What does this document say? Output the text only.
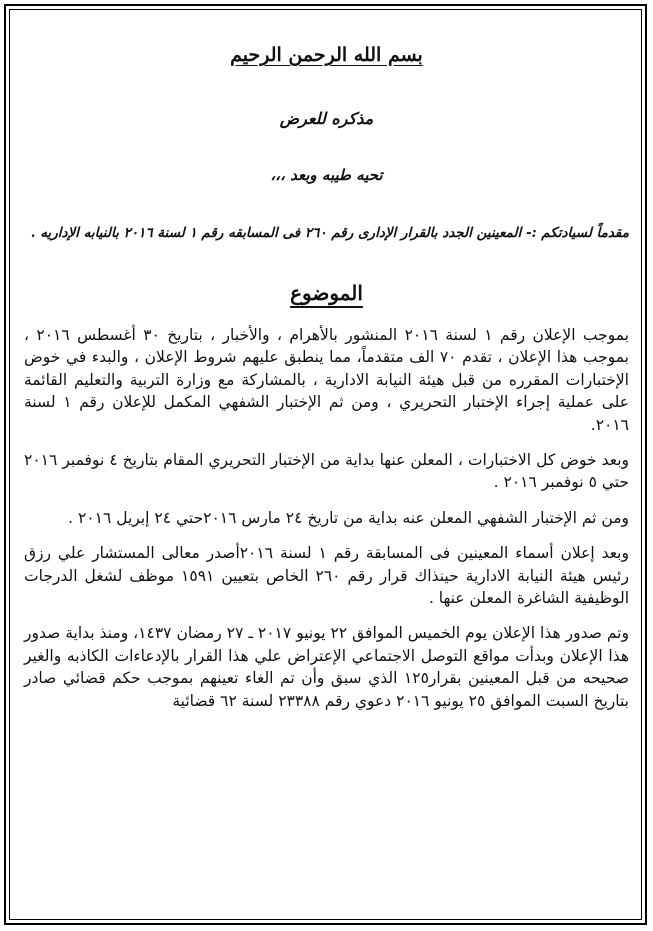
بسم الله الرحمن الرحيم
مذكره للعرض
تحيه طيبه وبعد ،،،
مقدماً لسيادتكم :- المعينين الجدد بالقرار الإدارى رقم ٢٦٠ فى المسابقه رقم ١ لسنة ٢٠١٦ بالنيابه الإداريه .
الموضوع

بموجب الإعلان رقم ١ لسنة ٢٠١٦ المنشور بالأهرام ، والأخبار ، بتاريخ ٣٠ أغسطس ٢٠١٦ ، بموجب هذا الإعلان ، تقدم ٧٠ الف متقدماً، مما ينطبق عليهم شروط الإعلان ، والبدء في خوض الإختبارات المقرره من قبل هيئة النيابة الادارية ، بالمشاركة مع وزارة التربية والتعليم القائمة على عملية إجراء الإختبار التحريري ، ومن ثم الإختبار الشفهي المكمل للإعلان رقم ١ لسنة ٢٠١٦.

وبعد خوض كل الاختبارات ، المعلن عنها بداية من الإختبار التحريري المقام بتاريخ ٤ نوفمبر ٢٠١٦ حتي ٥ نوفمبر ٢٠١٦ .

ومن ثم الإختبار الشفهي المعلن عنه بداية من تاريخ ٢٤ مارس ٢٠١٦حتي ٢٤ إبريل ٢٠١٦ .

وبعد إعلان أسماء المعينين فى المسابقة رقم ١ لسنة ٢٠١٦أصدر معالى المستشار علي رزق رئيس هيئة النيابة الادارية حينذاك قرار رقم ٢٦٠ الخاص بتعيين ١٥٩١ موظف لشغل الدرجات الوظيفية الشاغرة المعلن عنها .

وتم صدور هذا الإعلان يوم الخميس الموافق ٢٢ يونيو ٢٠١٧ ـ ٢٧ رمضان ١٤٣٧، ومنذ بداية صدور هذا الإعلان وبدأت مواقع التوصل الاجتماعي الإعتراض علي هذا القرار بالإدعاءات الكاذبه والغير صحيحه من قبل المعينين بقرار١٢٥ الذي سبق وأن تم الغاء تعينهم بموجب حكم قضائي صادر بتاريخ السبت الموافق ٢٥ يونيو ٢٠١٦ دعوي رقم ٢٣٣٨٨ لسنة ٦٢ قضائية
